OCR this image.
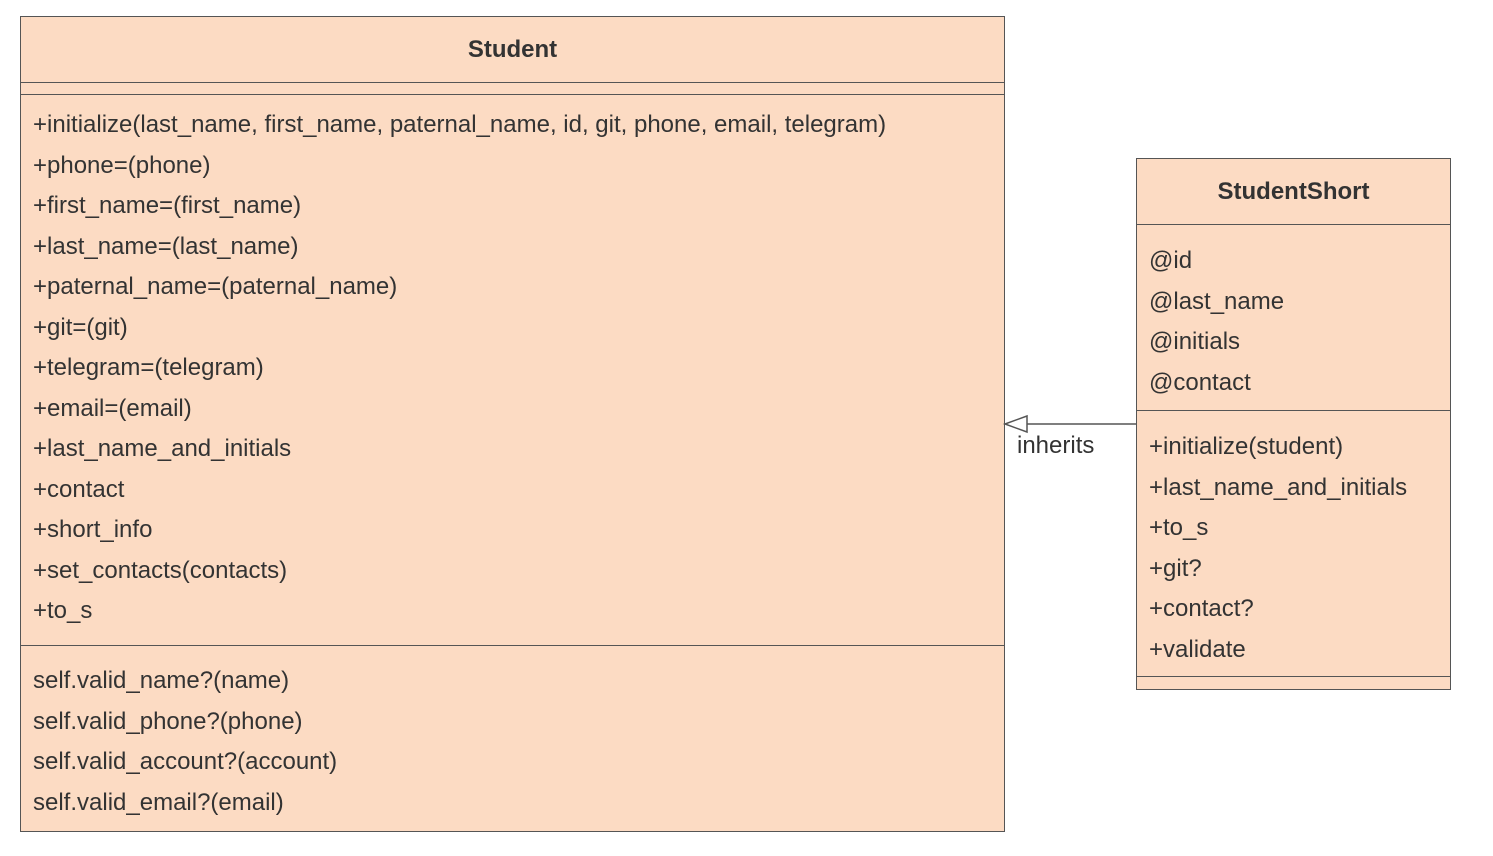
Student
+initialize(last_name, first_name, paternal_name, id, git, phone, email, telegram)
+phone=(phone)
+first_name=(first_name)
+last_name=(last_name)
+paternal_name=(paternal_name)
+git=(git)
+telegram=(telegram)
+email=(email)
+last_name_and_initials
+contact
+short_info
+set_contacts(contacts)
+to_s
self.valid_name?(name)
self.valid_phone?(phone)
self.valid_account?(account)
self.valid_email?(email)
StudentShort
@id
@last_name
@initials
@contact
+initialize(student)
+last_name_and_initials
+to_s
+git?
+contact?
+validate
inherits
